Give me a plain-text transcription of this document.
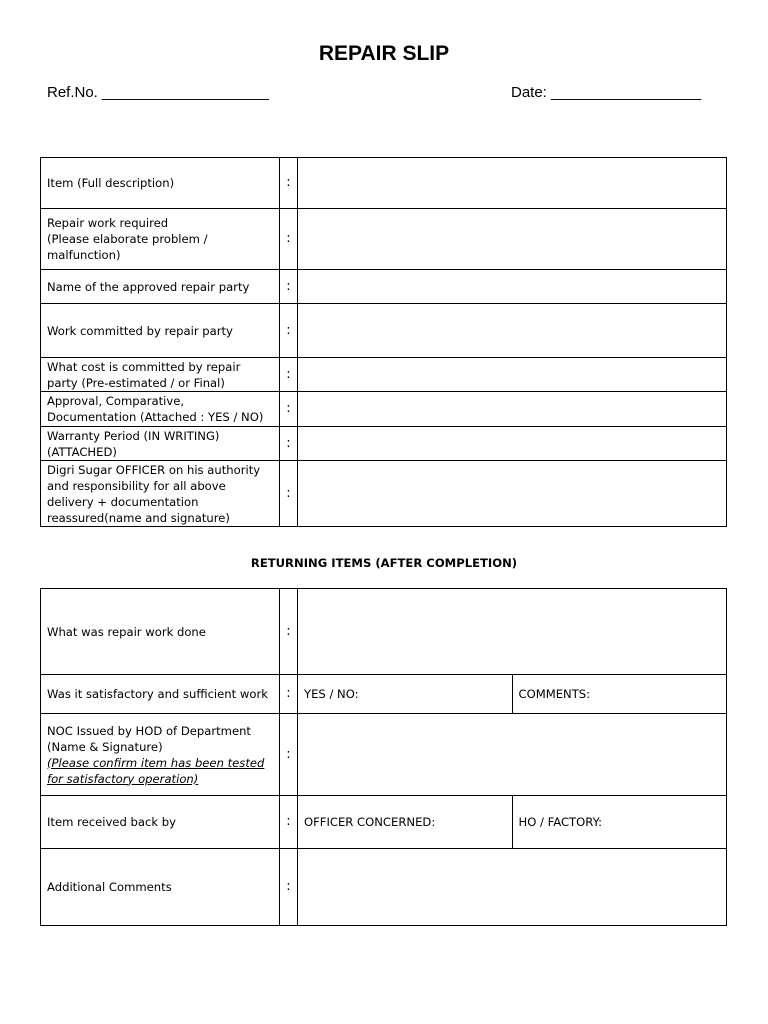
REPAIR SLIP
Ref.No. ____________________	Date: __________________
Item (Full description)	:	

Repair work required
(Please elaborate problem /
malfunction)	:	
Name of the approved repair party	:	
Work committed by repair party	:	

What cost is committed by repair
party (Pre-estimated / or Final)	:	

Approval, Comparative,
Documentation (Attached : YES / NO)	:	

Warranty Period (IN WRITING)
(ATTACHED)	:	

Digri Sugar OFFICER on his authority
and responsibility for all above
delivery + documentation
reassured(name and signature)	:	
RETURNING ITEMS (AFTER COMPLETION)
What was repair work done	:		
Was it satisfactory and sufficient work	:	YES / NO:	COMMENTS:

NOC Issued by HOD of Department
(Name & Signature)
(Please confirm item has been tested
for satisfactory operation)	:		
Item received back by	:	OFFICER CONCERNED:	HO / FACTORY:
Additional Comments	:		
